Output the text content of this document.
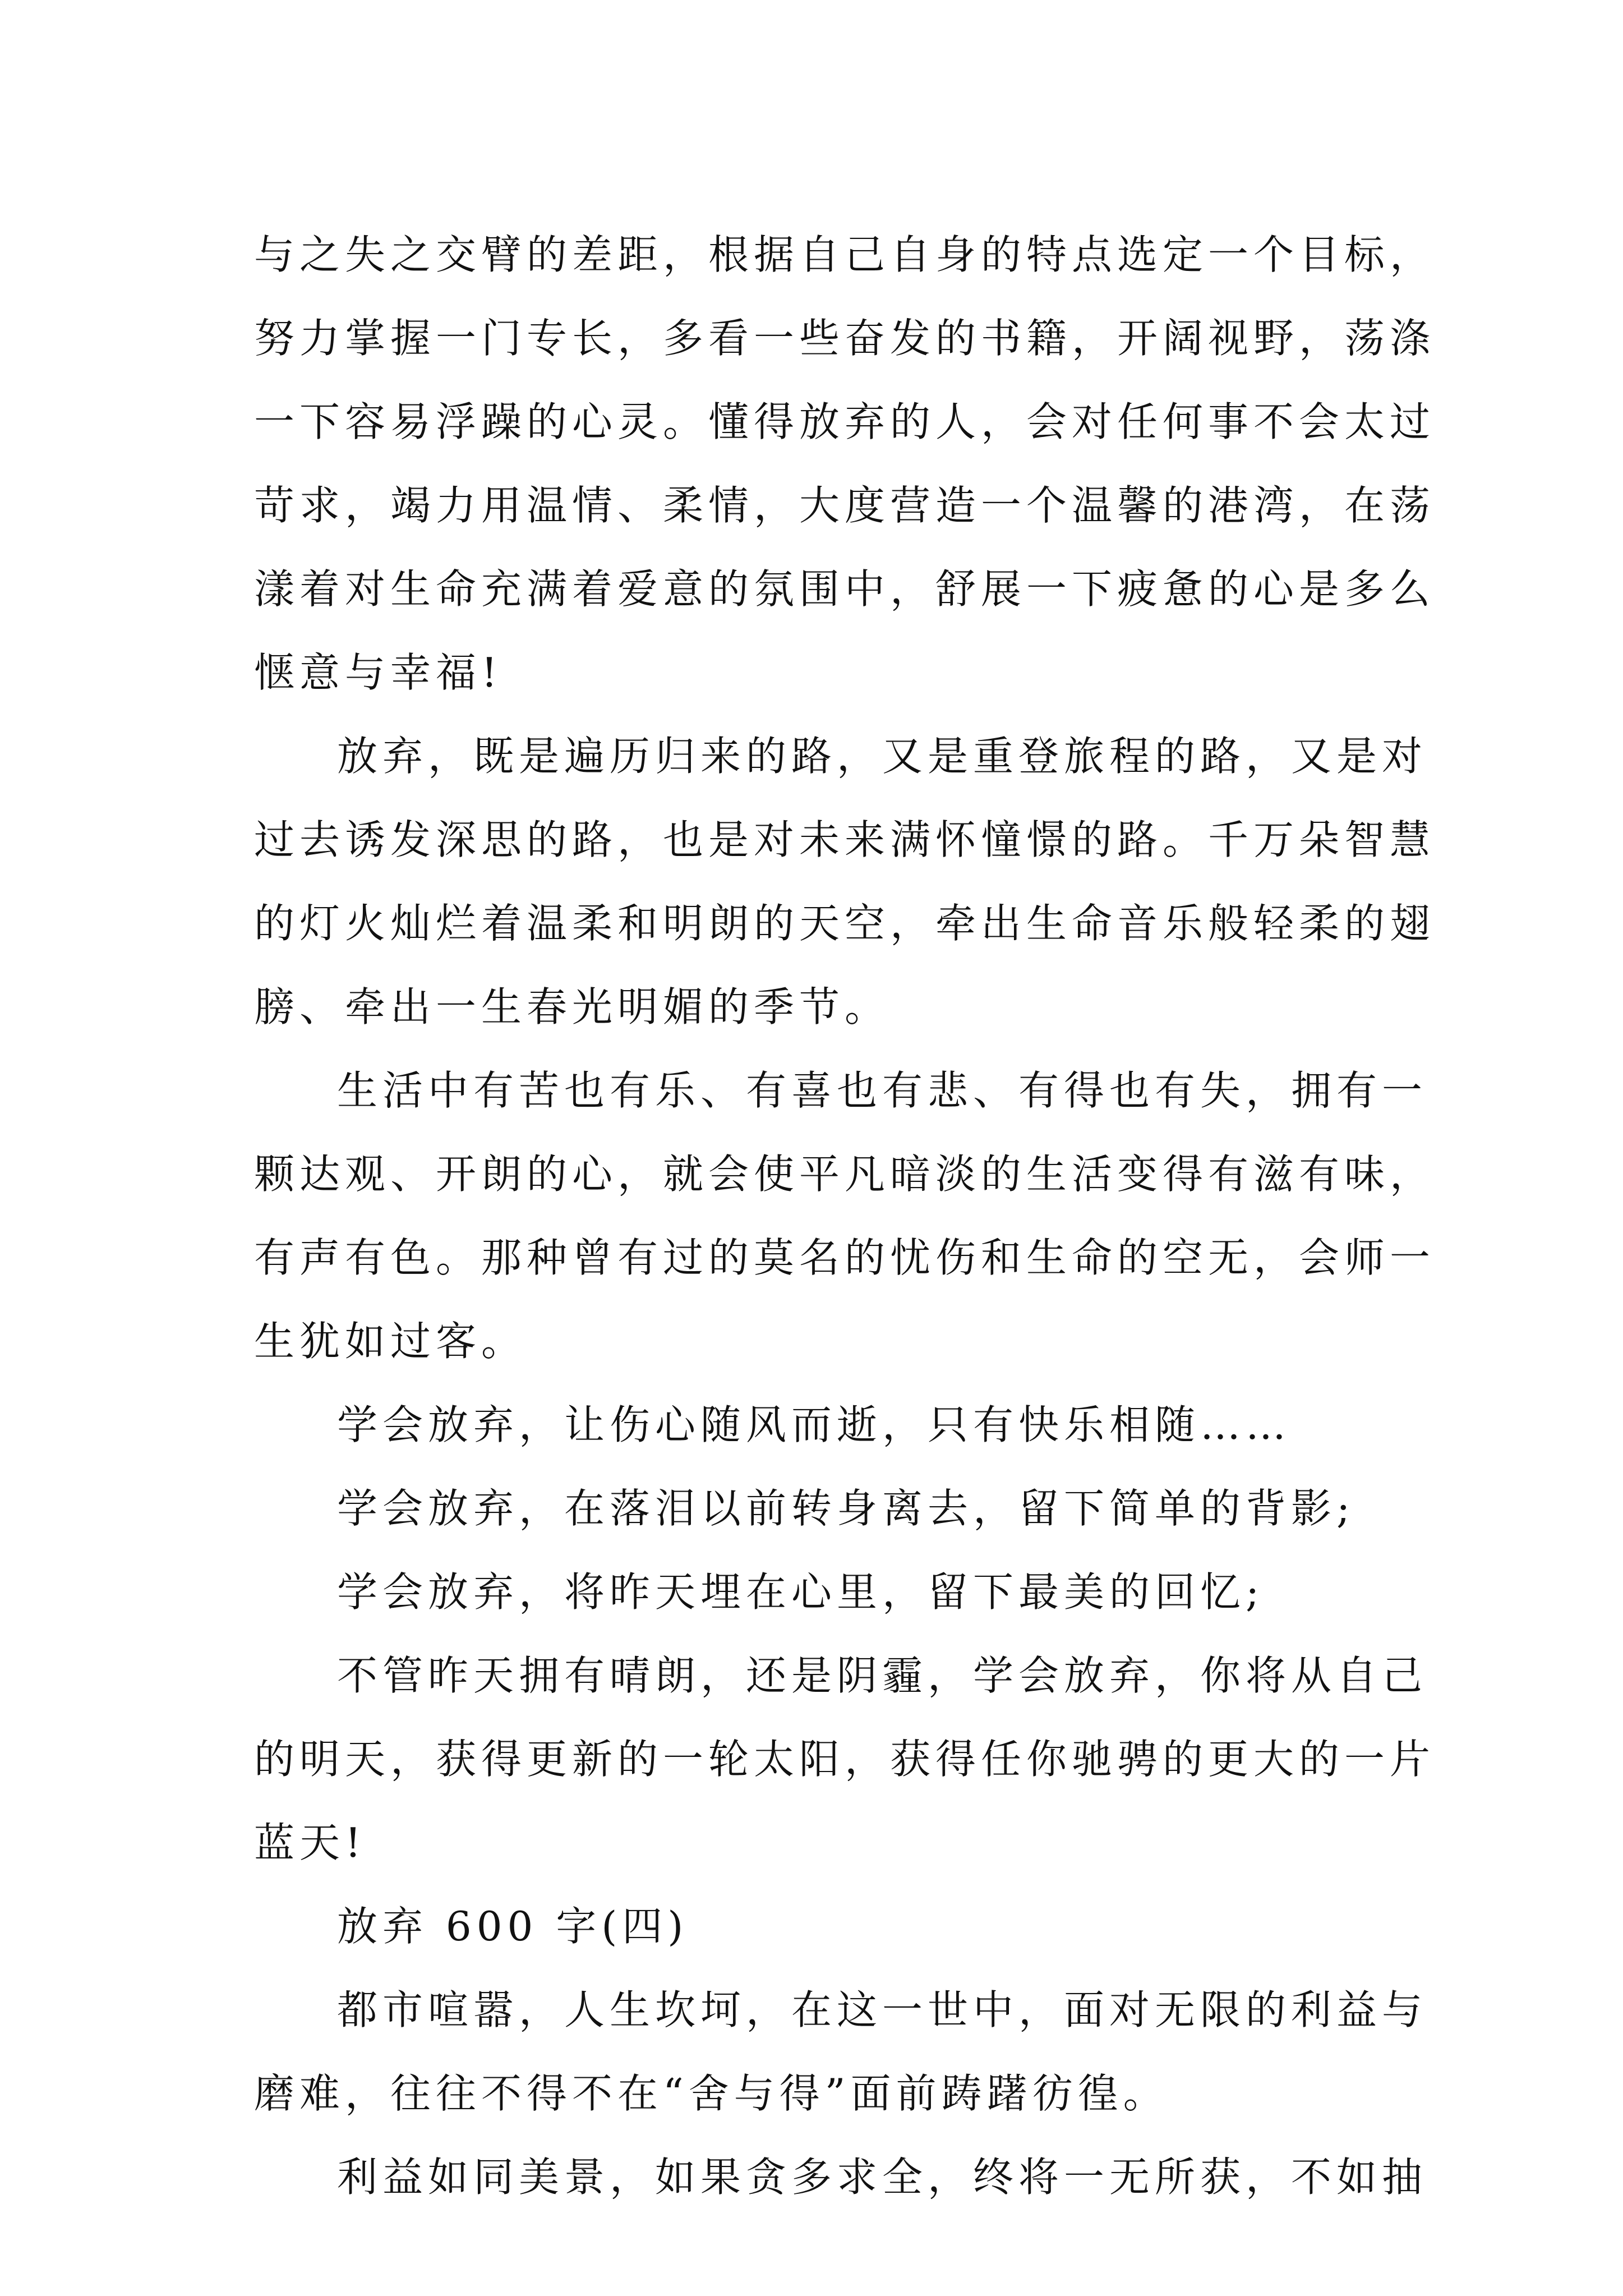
与之失之交臂的差距，根据自己自身的特点选定一个目标，
努力掌握一门专长，多看一些奋发的书籍，开阔视野，荡涤
一下容易浮躁的心灵。懂得放弃的人，会对任何事不会太过
苛求，竭力用温情、柔情，大度营造一个温馨的港湾，在荡
漾着对生命充满着爱意的氛围中，舒展一下疲惫的心是多么
惬意与幸福!
放弃，既是遍历归来的路，又是重登旅程的路，又是对
过去诱发深思的路，也是对未来满怀憧憬的路。千万朵智慧
的灯火灿烂着温柔和明朗的天空，牵出生命音乐般轻柔的翅
膀、牵出一生春光明媚的季节。
生活中有苦也有乐、有喜也有悲、有得也有失，拥有一
颗达观、开朗的心，就会使平凡暗淡的生活变得有滋有味，
有声有色。那种曾有过的莫名的忧伤和生命的空无，会师一
生犹如过客。
学会放弃，让伤心随风而逝，只有快乐相随……
学会放弃，在落泪以前转身离去，留下简单的背影;
学会放弃，将昨天埋在心里，留下最美的回忆;
不管昨天拥有晴朗，还是阴霾，学会放弃，你将从自己
的明天，获得更新的一轮太阳，获得任你驰骋的更大的一片
蓝天!
放弃 600 字(四)
都市喧嚣，人生坎坷，在这一世中，面对无限的利益与
磨难，往往不得不在“舍与得”面前踌躇彷徨。
利益如同美景，如果贪多求全，终将一无所获，不如抽
